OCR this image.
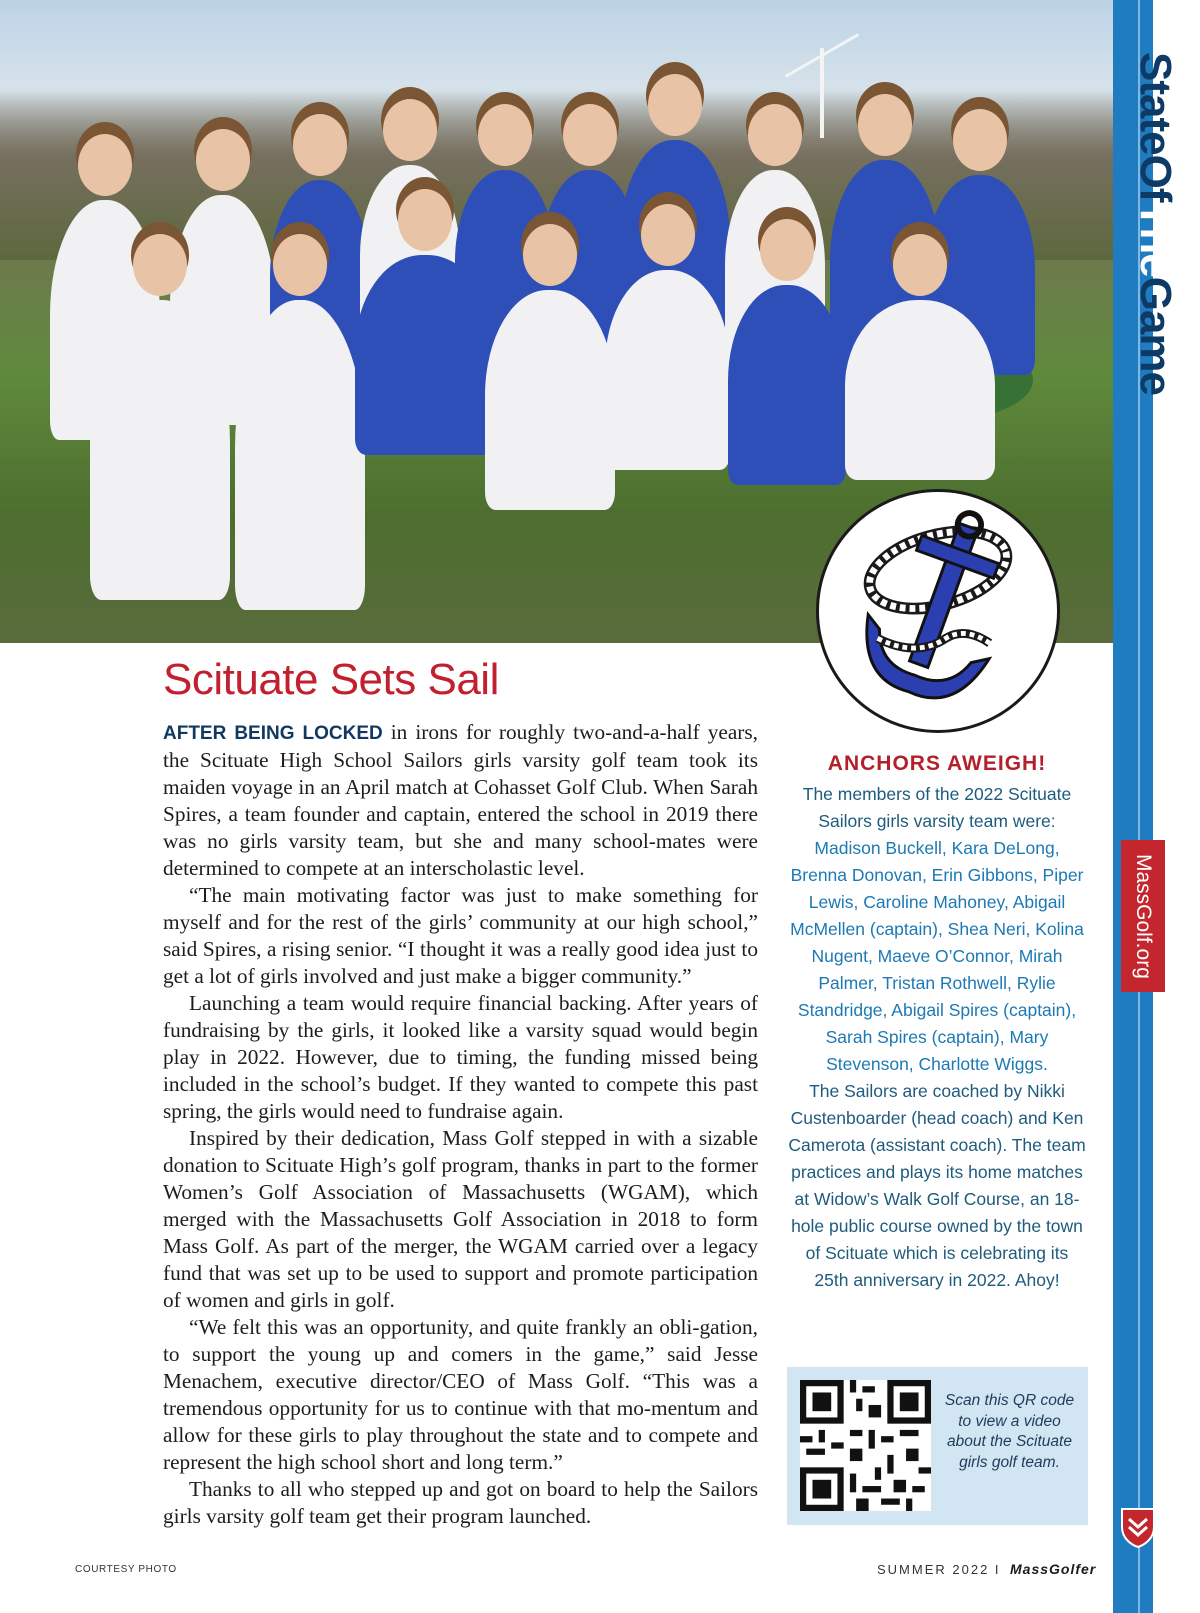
StateOfTheGame
MassGolf.org
5
Scituate Sets Sail

AFTER BEING LOCKED in irons for roughly two-and-a-half years, the Scituate High School Sailors girls varsity golf team took its maiden voyage in an April match at Cohasset Golf Club. When Sarah Spires, a team founder and captain, entered the school in 2019 there was no girls varsity team, but she and many school-mates were determined to compete at an interscholastic level.

“The main motivating factor was just to make something for myself and for the rest of the girls’ community at our high school,” said Spires, a rising senior. “I thought it was a really good idea just to get a lot of girls involved and just make a bigger community.”

Launching a team would require financial backing. After years of fundraising by the girls, it looked like a varsity squad would begin play in 2022. However, due to timing, the funding missed being included in the school’s budget. If they wanted to compete this past spring, the girls would need to fundraise again.

Inspired by their dedication, Mass Golf stepped in with a sizable donation to Scituate High’s golf program, thanks in part to the former Women’s Golf Association of Massachusetts (WGAM), which merged with the Massachusetts Golf Association in 2018 to form Mass Golf. As part of the merger, the WGAM carried over a legacy fund that was set up to be used to support and promote participation of women and girls in golf.

“We felt this was an opportunity, and quite frankly an obli-gation, to support the young up and comers in the game,” said Jesse Menachem, executive director/CEO of Mass Golf. “This was a tremendous opportunity for us to continue with that mo-mentum and allow for these girls to play throughout the state and to compete and represent the high school short and long term.”

Thanks to all who stepped up and got on board to help the Sailors girls varsity golf team get their program launched.

ANCHORS AWEIGH!
The members of the 2022 Scituate Sailors girls varsity team were:
Madison Buckell, Kara DeLong, Brenna Donovan, Erin Gibbons, Piper Lewis, Caroline Mahoney, Abigail McMellen (captain), Shea Neri, Kolina Nugent, Maeve O’Connor, Mirah Palmer, Tristan Rothwell, Rylie Standridge, Abigail Spires (captain), Sarah Spires (captain), Mary Stevenson, Charlotte Wiggs.
The Sailors are coached by Nikki Custenboarder (head coach) and Ken Camerota (assistant coach). The team practices and plays its home matches at Widow’s Walk Golf Course, an 18-hole public course owned by the town of Scituate which is celebrating its 25th anniversary in 2022. Ahoy!
Scan this QR code to view a video about the Scituate girls golf team.
COURTESY PHOTO	SUMMER 2022 I MassGolfer
